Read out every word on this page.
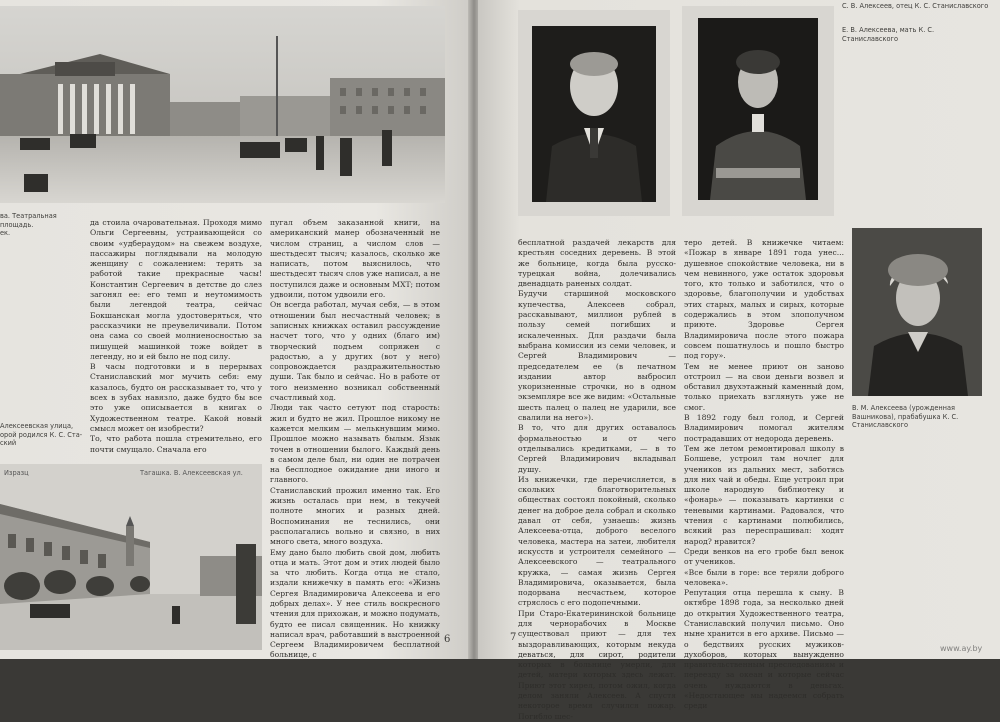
ва. Театральная площадь.
ек.
да стоила очаровательная. Проходя мимо Ольги Сергеевны, устраивающейся со своим «удбераудом» на свежем воздухе, пассажиры поглядывали на молодую женщину с сожалением: терять за работой такие прекрасные часы! Константин Сергеевич в детстве до слез загонял ее: его темп и неутомимость были легендой театра, сейчас Бокшанская могла удостоверяться, что рассказчики не преувеличивали. Потом она сама со своей молниеносностью за пишущей машинкой тоже войдет в легенду, но и ей было не под силу.
В часы подготовки и в перерывах Станиславский мог мучить себя: ему казалось, будто он рассказывает то, что у всех в зубах навязло, даже будто бы все это уже описывается в книгах о Художественном театре. Какой новый смысл может он изобрести?
То, что работа пошла стремительно, его почти смущало. Сначала его
пугал объем заказанной книги, на американский манер обозначенный не числом страниц, а числом слов — шестьдесят тысяч; казалось, сколько же написать, потом выяснилось, что шестьдесят тысяч слов уже написал, а не поступился даже и основным МХТ; потом удвоили, потом удвоили его.
Он всегда работал, мучая себя, — в этом отношении был несчастный человек; в записных книжках оставил рассуждение насчет того, что у одних (благо им) творческий подъем сопряжен с радостью, а у других (вот у него) сопровождается раздражительностью души. Так было и сейчас. Но в работе от того неизменно возникал собственный счастливый ход.
Люди так часто сетуют под старость: жил и будто не жил. Прошлое никому не кажется мелким — мелькнувшим мимо. Прошлое можно называть былым. Язык точен в отношении былого. Каждый день в самом деле был, ни один не потрачен на бесплодное ожидание дни иного и главного.
Станиславский прожил именно так. Его жизнь осталась при нем, в текучей полноте многих и разных дней. Воспоминания не теснились, они располагались вольно и связно, в них много света, много воздуха.
Ему дано было любить свой дом, любить отца и мать. Этот дом и этих людей было за что любить. Когда отца не стало, издали книжечку в память его: «Жизнь Сергея Владимировича Алексеева и его добрых делах». У нее стиль воскресного чтения для прихожан, и можно подумать, будто ее писал священник. Но книжку написал врач, работавший в выстроенной Сергеем Владимировичем бесплатной больнице, с
Алексеевская улица,
орой родился К. С. Ста-
ский
Изразц	Тагашка. В. Алексеевская ул.
6
С. В. Алексеев, отец К. С. Станиславского
Е. В. Алексеева, мать К. С. Станиславского
В. М. Алексеева (урожденная Вашникова), прабабушка К. С. Станиславского
бесплатной раздачей лекарств для крестьян соседних деревень. В этой же больнице, когда была русско-турецкая война, долечивались двенадцать раненых солдат.
Будучи старшиной московского купечества, Алексеев собрал, расскавывают, миллион рублей в пользу семей погибших и искалеченных. Для раздачи была выбрана комиссия из семи человек, и Сергей Владимирович — председателем ее (в печатном издании автор выбросил укоризненные строчки, но в одном экземпляре все же видим: «Остальные шесть палец о палец не ударили, все свалили на него»).
В то, что для других оставалось формальностью и от чего отделывались кредитками, — в то Сергей Владимирович вкладывал душу.
Из книжечки, где перечисляется, в скольких благотворительных обществах состоял покойный, сколько денег на доброе дела собрал и сколько давал от себя, узнаешь: жизнь Алексеева-отца, доброго веселого человека, мастера на затеи, любителя искусств и устроителя семейного — Алексеевского — театрального кружка, — самая жизнь Сергея Владимировича, оказывается, была подорвана несчастьем, которое стряслось с его подопечными.
При Старо-Екатерининской больнице для чернорабочих в Москве существовал приют — для тех выздоравливающих, которым некуда деваться, для сирот, родители которых в больнице умерли, для детей, матери которых здесь лежат. Приют этот хирел, потом ожил, когда делом заняли Алексеев. А спустя некоторое время случился пожар. Погибло шес-
теро детей. В книжечке читаем: «Пожар в январе 1891 года унес... душевное спокойствие человека, ни в чем невинного, уже остаток здоровья того, кто только и заботился, что о здоровье, благополучии и удобствах этих старых, малых и сирых, которые содержались в этом злополучном приюте. Здоровье Сергея Владимировича после этого пожара совсем пошатнулось и пошло быстро под гору».
Тем не менее приют он заново отстроил — на свои деньги возвел и обставил двухэтажный каменный дом, только приехать взглянуть уже не смог.
В 1892 году был голод, и Сергей Владимирович помогал жителям пострадавших от недорода деревень.
Тем же летом ремонтировал школу в Болшеве, устроил там ночлег для учеников из дальних мест, заботясь для них чай и обеды. Еще устроил при школе народную библиотеку и «фонарь» — показывать картинки с теневыми картинами. Радовался, что чтения с картинами полюбились, всякий раз переспрашивал: ходят народ? нравится?
Среди венков на его гробе был венок от учеников.
«Все были в горе: все теряли доброго человека».
Репутация отца перешла к сыну. В октябре 1898 года, за несколько дней до открытия Художественного театра, Станиславский получил письмо. Оно ныне хранится в его архиве. Письмо — о бедствиях русских мужиков-духоборов, которых вынужденно правительственным преследованиям и переезду за океан и которые сейчас очень нуждаются в деньгах. «Недостающее мы надеемся собрать среди
7
www.ay.by
